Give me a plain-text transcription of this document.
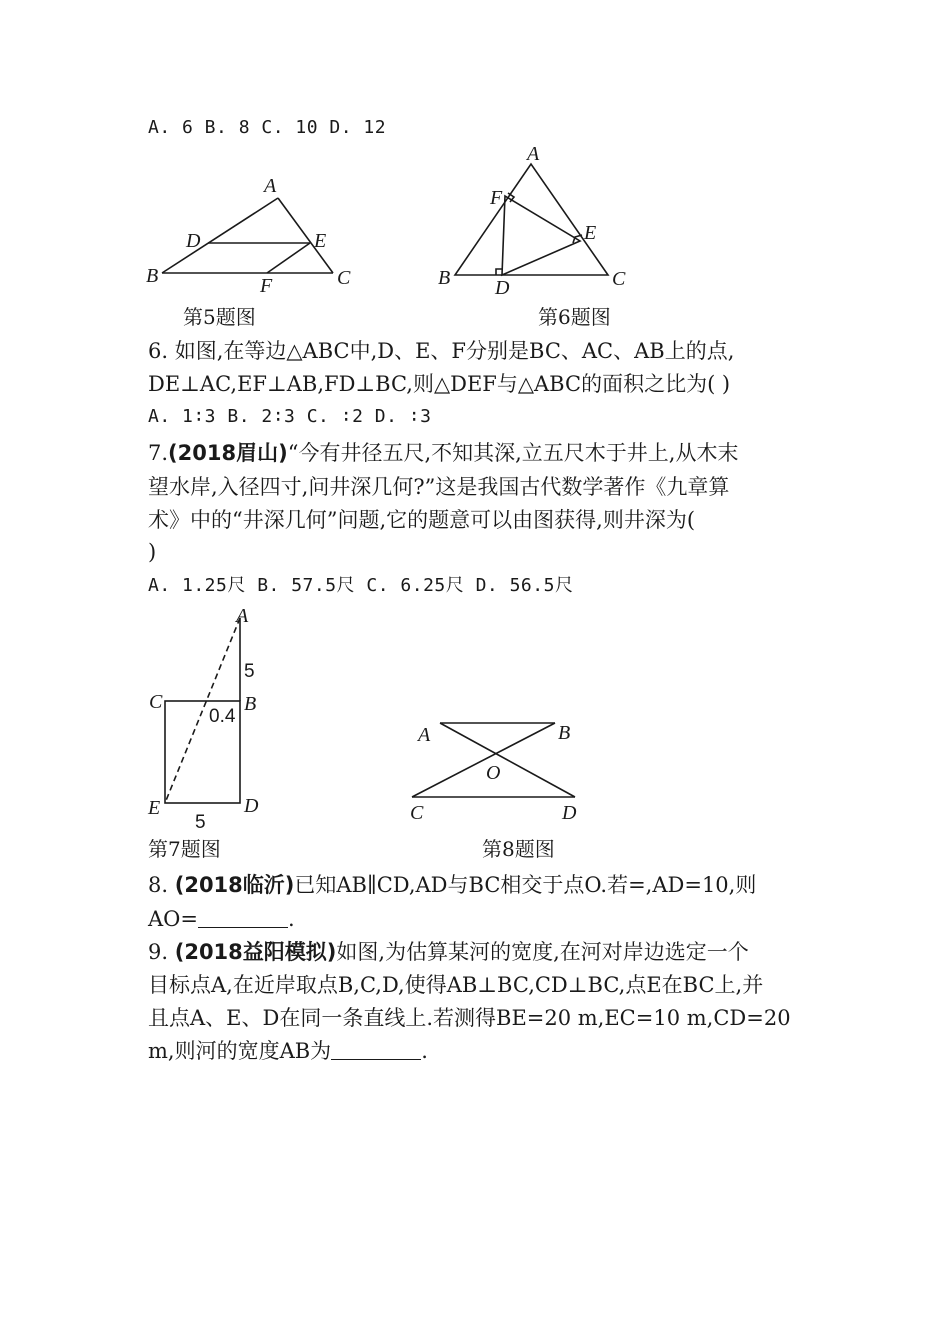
A. 6 B. 8 C. 10 D. 12
A
B	C
D	E
F
第5题图
A
B	C
D
E
F
第6题图
6. 如图,在等边△ABC中,D、E、F分别是BC、AC、AB上的点,
DE⊥AC,EF⊥AB,FD⊥BC,则△DEF与△ABC的面积之比为( )
A. 1∶3 B. 2∶3 C. ∶2 D. ∶3
7.(2018眉山)“今有井径五尺,不知其深,立五尺木于井上,从木末
望水岸,入径四寸,问井深几何?”这是我国古代数学著作《九章算
术》中的“井深几何”问题,它的题意可以由图获得,则井深为(
)
A. 1.25尺 B. 57.5尺 C. 6.25尺 D. 56.5尺
A
B
C
D
E
5
0.4
5
第7题图
A	B
C	D
O
第8题图
8. (2018临沂)已知AB∥CD,AD与BC相交于点O.若=,AD=10,则
AO=	.
9. (2018益阳模拟)如图,为估算某河的宽度,在河对岸边选定一个
目标点A,在近岸取点B,C,D,使得AB⊥BC,CD⊥BC,点E在BC上,并
且点A、E、D在同一条直线上.若测得BE=20 m,EC=10 m,CD=20
m,则河的宽度AB为	.
